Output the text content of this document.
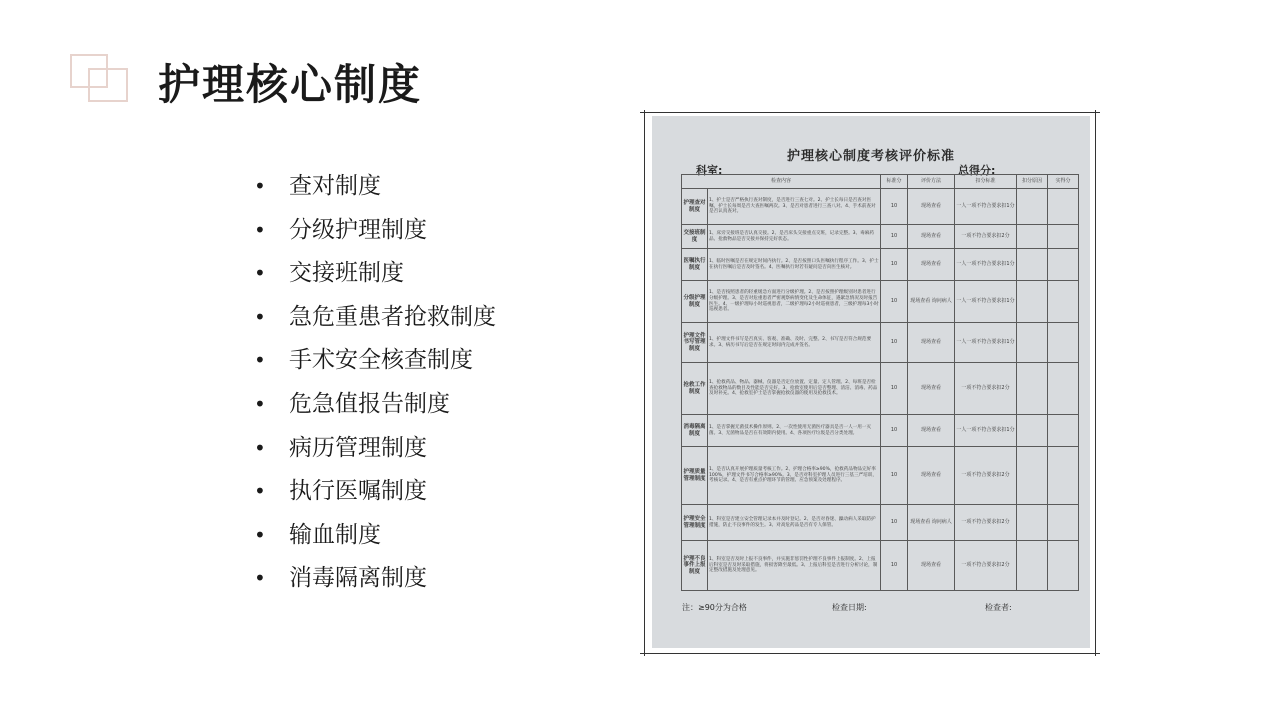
护理核心制度
• 查对制度
• 分级护理制度
• 交接班制度
• 急危重患者抢救制度
• 手术安全核查制度
• 危急值报告制度
• 病历管理制度
• 执行医嘱制度
• 输血制度
• 消毒隔离制度
护理核心制度考核评价标准
科室:	总得分:
检查内容		标准分	评价方法	扣分标准	扣分原因	实得分
护理查对制度	1、护士是否严格执行查对制度，是否进行三查七对。2、护士长每日是否查对医嘱，护士长每周是否大查医嘱两次。3、是否对患者进行三查八对。4、手术前查对是否认真查对。	10	现场查看	一人一项不符合要求扣1分		
交接班制度	1、床旁交接班是否认真交接。2、是否床头交接重点交班，记录完整。3、毒麻药品、抢救物品是否交接并保持完好状态。	10	现场查看	一项不符合要求扣2分		
医嘱执行制度	1、临时医嘱是否在规定时间内执行。2、是否按照口头医嘱执行程序工作。3、护士在执行医嘱后是否及时签名。4、医嘱执行时若有疑问是否向医生核对。	10	现场查看	一人一项不符合要求扣1分		
分级护理制度	1、是否按照患者的轻重缓急方面进行分级护理。2、是否按照护理级别对患者进行分级护理。3、是否对危重患者严密观察病情变化及生命体征，遇紧急情况及时报告医生。4、一级护理每小时巡视患者，二级护理每2小时巡视患者，三级护理每3小时巡视患者。	10	现场查看 询问病人	一人一项不符合要求扣1分		
护理文件书写管理制度	1、护理文件书写是否真实、客观、准确、及时、完整。2、书写是否符合规范要求。3、病历书写后是否在规定时间内完成并签名。	10	现场查看	一人一项不符合要求扣1分		
抢救工作制度	1、抢救药品、物品、器械、仪器是否定位放置、定量、定人管理。2、每班是否检查抢救物品的数目及性能是否完好。3、抢救室使用后是否整理、清洁、消毒、药品及时补充。4、抢救室护士是否掌握抢救仪器的使用及抢救技术。	10	现场查看	一项不符合要求扣2分		
消毒隔离制度	1、是否掌握无菌技术操作原则。2、一次性使用无菌医疗器具是否一人一用一灭菌。3、无菌物品是否在有效期内使用。4、各项医疗垃圾是否分类处理。	10	现场查看	一人一项不符合要求扣1分		
护理质量管理制度	1、是否认真开展护理质量考核工作。2、护理合格率≥90%，抢救药品物品完好率100%，护理文件书写合格率≥90%。3、是否对科室护理人员进行三基三严培训，考核记录。4、是否有重点护理环节的管理、应急预案及处理程序。	10	现场查看	一项不符合要求扣2分		
护理安全管理制度	1、科室是否建立安全管理记录本并及时登记。2、是否对昏迷、躁动病人采取防护措施，防止不良事件的发生。3、对高危药品是否有专人保管。	10	现场查看 询问病人	一项不符合要求扣2分		
护理不良事件上报制度	1、科室是否及时上报不良事件，并实施非惩罚性护理不良事件上报制度。2、上报后科室是否及时采取措施，将损害降至最低。3、上报后科室是否进行分析讨论，制定整改措施及处理意见。	10	现场查看	一项不符合要求扣2分		
注：≥90分为合格	检查日期:	检查者:
